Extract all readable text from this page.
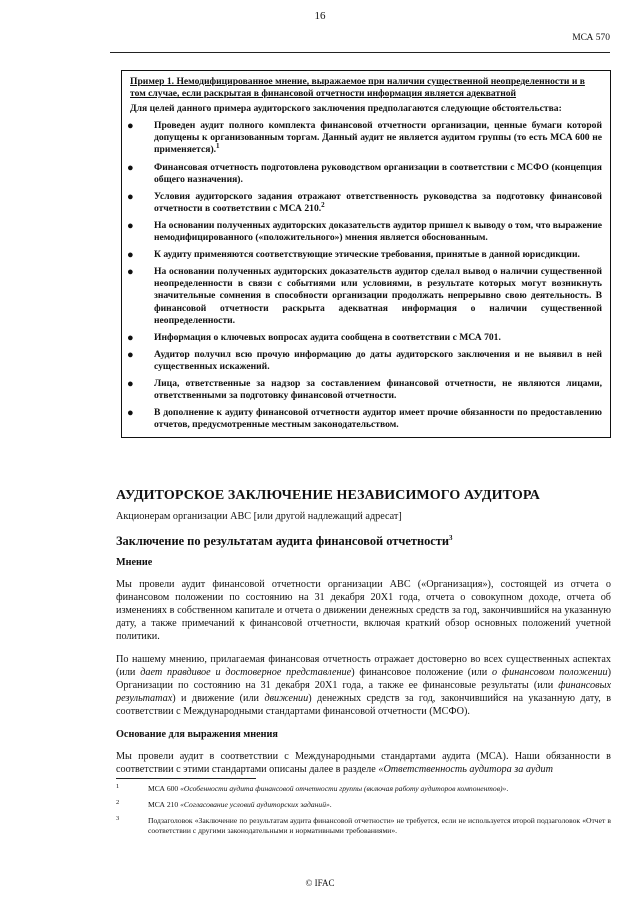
16
МСА 570
Пример 1. Немодифицированное мнение, выражаемое при наличии существенной неопределенности и в том случае, если раскрытая в финансовой отчетности информация является адекватной
Для целей данного примера аудиторского заключения предполагаются следующие обстоятельства:
● Проведен аудит полного комплекта финансовой отчетности организации, ценные бумаги которой допущены к организованным торгам. Данный аудит не является аудитом группы (то есть МСА 600 не применяется).$^1$
● Финансовая отчетность подготовлена руководством организации в соответствии с МСФО (концепция общего назначения).
● Условия аудиторского задания отражают ответственность руководства за подготовку финансовой отчетности в соответствии с МСА 210.$^2$
● На основании полученных аудиторских доказательств аудитор пришел к выводу о том, что выражение немодифицированного («положительного») мнения является обоснованным.
● К аудиту применяются соответствующие этические требования, принятые в данной юрисдикции.
● На основании полученных аудиторских доказательств аудитор сделал вывод о наличии существенной неопределенности в связи с событиями или условиями, в результате которых могут возникнуть значительные сомнения в способности организации продолжать непрерывно свою деятельность. В финансовой отчетности раскрыта адекватная информация о наличии существенной неопределенности.
● Информация о ключевых вопросах аудита сообщена в соответствии с МСА 701.
● Аудитор получил всю прочую информацию до даты аудиторского заключения и не выявил в ней существенных искажений.
● Лица, ответственные за надзор за составлением финансовой отчетности, не являются лицами, ответственными за подготовку финансовой отчетности.
● В дополнение к аудиту финансовой отчетности аудитор имеет прочие обязанности по предоставлению отчетов, предусмотренные местным законодательством.
АУДИТОРСКОЕ ЗАКЛЮЧЕНИЕ НЕЗАВИСИМОГО АУДИТОРА
Акционерам организации ABC [или другой надлежащий адресат]
Заключение по результатам аудита финансовой отчетности$^3$
Мнение
Мы провели аудит финансовой отчетности организации ABC («Организация»), состоящей из отчета о финансовом положении по состоянию на 31 декабря 20X1 года, отчета о совокупном доходе, отчета об изменениях в собственном капитале и отчета о движении денежных средств за год, закончившийся на указанную дату, а также примечаний к финансовой отчетности, включая краткий обзор основных положений учетной политики.
По нашему мнению, прилагаемая финансовая отчетность отражает достоверно во всех существенных аспектах (или дает правдивое и достоверное представление) финансовое положение (или о финансовом положении) Организации по состоянию на 31 декабря 20X1 года, а также ее финансовые результаты (или финансовых результатах) и движение (или движении) денежных средств за год, закончившийся на указанную дату, в соответствии с Международными стандартами финансовой отчетности (МСФО).
Основание для выражения мнения
Мы провели аудит в соответствии с Международными стандартами аудита (МСА). Наши обязанности в соответствии с этими стандартами описаны далее в разделе «Ответственность аудитора за аудит
1	МСА 600 «Особенности аудита финансовой отчетности группы (включая работу аудиторов компонентов)».
2	МСА 210 «Согласование условий аудиторских заданий».
3	Подзаголовок «Заключение по результатам аудита финансовой отчетности» не требуется, если не используется второй подзаголовок «Отчет в соответствии с другими законодательными и нормативными требованиями».
© IFAC
